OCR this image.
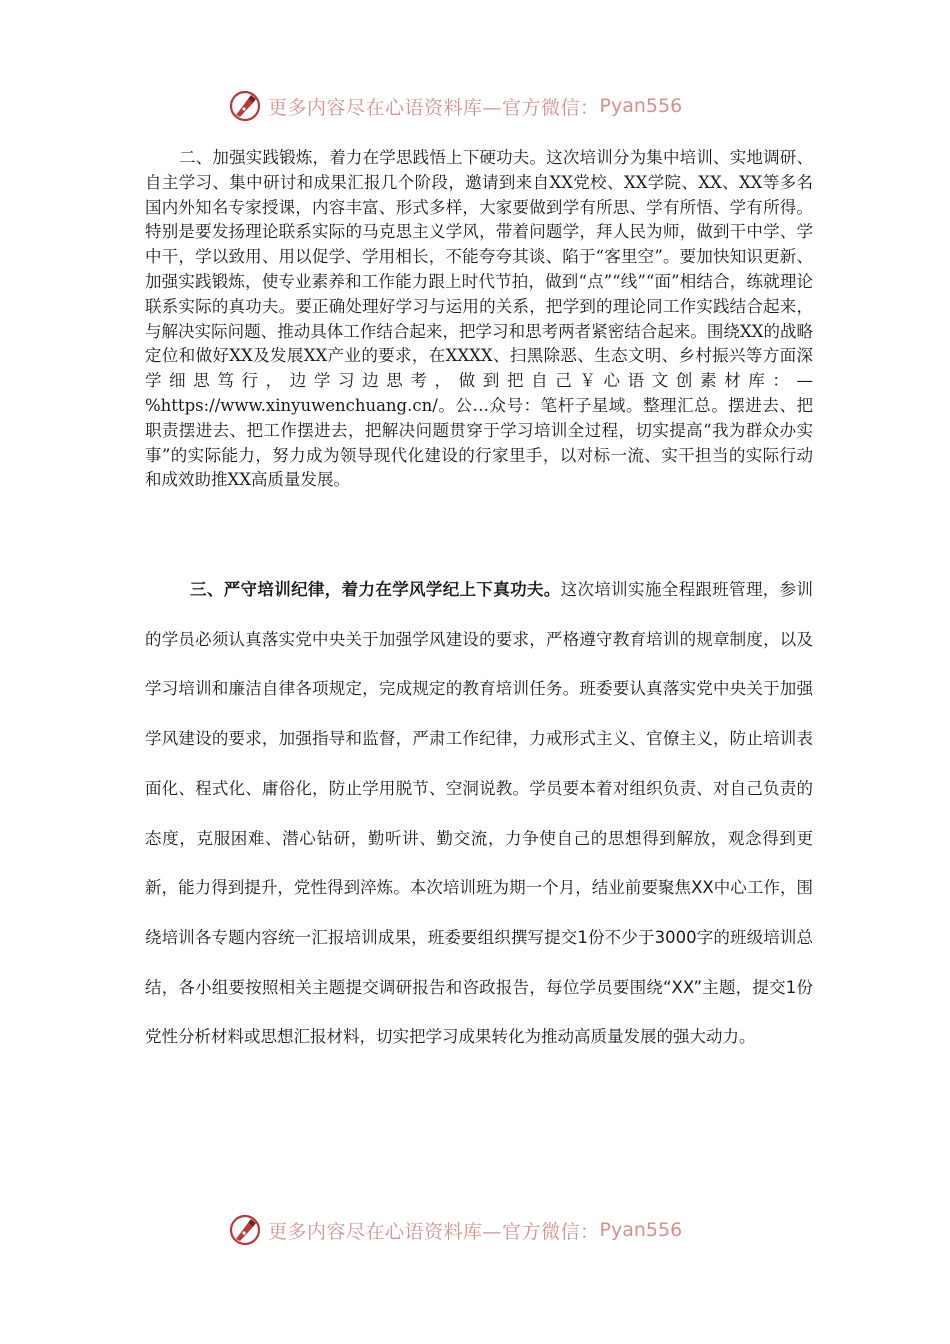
更多内容尽在心语资料库—官方微信： Pyan556

二、加强实践锻炼，着力在学思践悟上下硬功夫。这次培训分为集中培训、实地调研、自主学习、集中研讨和成果汇报几个阶段，邀请到来自XX党校、XX学院、XX、XX等多名国内外知名专家授课，内容丰富、形式多样，大家要做到学有所思、学有所悟、学有所得。特别是要发扬理论联系实际的马克思主义学风，带着问题学，拜人民为师，做到干中学、学中干，学以致用、用以促学、学用相长，不能夸夸其谈、陷于“客里空”。要加快知识更新、加强实践锻炼，使专业素养和工作能力跟上时代节拍，做到“点”“线”“面”相结合，练就理论联系实际的真功夫。要正确处理好学习与运用的关系，把学到的理论同工作实践结合起来，与解决实际问题、推动具体工作结合起来，把学习和思考两者紧密结合起来。围绕XX的战略定位和做好XX及发展XX产业的要求，在XXXX、扫黑除恶、生态文明、乡村振兴等方面深学细思笃行，边学习边思考，做到把自己￥心语文创素材库：—%https://www.xinyuwenchuang.cn/。公…众号：笔杆子星域。整理汇总。摆进去、把职责摆进去、把工作摆进去，把解决问题贯穿于学习培训全过程，切实提高“我为群众办实事”的实际能力，努力成为领导现代化建设的行家里手，以对标一流、实干担当的实际行动和成效助推XX高质量发展。

三、严守培训纪律，着力在学风学纪上下真功夫。这次培训实施全程跟班管理，参训的学员必须认真落实党中央关于加强学风建设的要求，严格遵守教育培训的规章制度，以及学习培训和廉洁自律各项规定，完成规定的教育培训任务。班委要认真落实党中央关于加强学风建设的要求，加强指导和监督，严肃工作纪律，力戒形式主义、官僚主义，防止培训表面化、程式化、庸俗化，防止学用脱节、空洞说教。学员要本着对组织负责、对自己负责的态度，克服困难、潜心钻研，勤听讲、勤交流，力争使自己的思想得到解放，观念得到更新，能力得到提升，党性得到淬炼。本次培训班为期一个月，结业前要聚焦XX中心工作，围绕培训各专题内容统一汇报培训成果，班委要组织撰写提交1份不少于3000字的班级培训总结，各小组要按照相关主题提交调研报告和咨政报告，每位学员要围绕“XX”主题，提交1份党性分析材料或思想汇报材料，切实把学习成果转化为推动高质量发展的强大动力。

更多内容尽在心语资料库—官方微信： Pyan556
